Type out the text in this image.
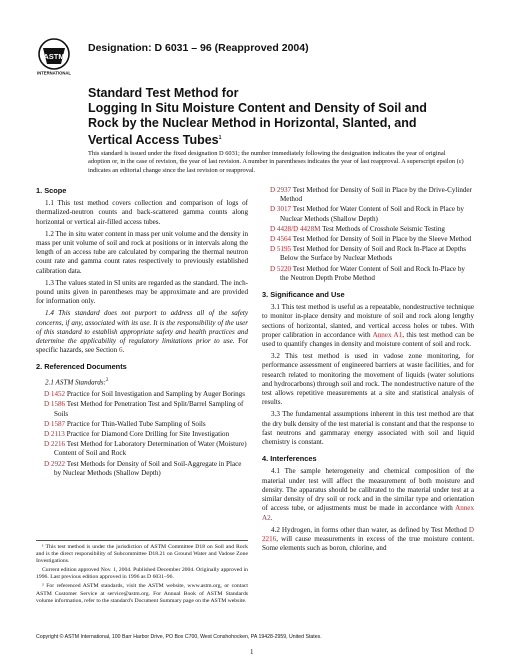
ASTM
INTERNATIONAL
Designation: D 6031 – 96 (Reapproved 2004)
Standard Test Method for
Logging In Situ Moisture Content and Density of Soil and Rock by the Nuclear Method in Horizontal, Slanted, and Vertical Access Tubes$^1$
This standard is issued under the fixed designation D 6031; the number immediately following the designation indicates the year of original adoption or, in the case of revision, the year of last revision. A number in parentheses indicates the year of last reapproval. A superscript epsilon (ε) indicates an editorial change since the last revision or reapproval.
1. Scope

1.1 This test method covers collection and comparison of logs of thermalized-neutron counts and back-scattered gamma counts along horizontal or vertical air-filled access tubes.

1.2 The in situ water content in mass per unit volume and the density in mass per unit volume of soil and rock at positions or in intervals along the length of an access tube are calculated by comparing the thermal neutron count rate and gamma count rates respectively to previously established calibration data.

1.3 The values stated in SI units are regarded as the standard. The inch-pound units given in parentheses may be approximate and are provided for information only.

1.4 This standard does not purport to address all of the safety concerns, if any, associated with its use. It is the responsibility of the user of this standard to establish appropriate safety and health practices and determine the applicability of regulatory limitations prior to use. For specific hazards, see Section 6.

2. Referenced Documents

2.1 ASTM Standards:$^2$

D 1452 Practice for Soil Investigation and Sampling by Auger Borings
D 1586 Test Method for Penetration Test and Split/Barrel Sampling of Soils
D 1587 Practice for Thin-Walled Tube Sampling of Soils
D 2113 Practice for Diamond Core Drilling for Site Investigation
D 2216 Test Method for Laboratory Determination of Water (Moisture) Content of Soil and Rock
D 2922 Test Methods for Density of Soil and Soil-Aggregate in Place by Nuclear Methods (Shallow Depth)
D 2937 Test Method for Density of Soil in Place by the Drive-Cylinder Method
D 3017 Test Method for Water Content of Soil and Rock in Place by Nuclear Methods (Shallow Depth)
D 4428/D 4428M Test Methods of Crosshole Seismic Testing
D 4564 Test Method for Density of Soil in Place by the Sleeve Method
D 5195 Test Method for Density of Soil and Rock In-Place at Depths Below the Surface by Nuclear Methods
D 5220 Test Method for Water Content of Soil and Rock In-Place by the Neutron Depth Probe Method
3. Significance and Use

3.1 This test method is useful as a repeatable, nondestructive technique to monitor in-place density and moisture of soil and rock along lengthy sections of horizontal, slanted, and vertical access holes or tubes. With proper calibration in accordance with Annex A1, this test method can be used to quantify changes in density and moisture content of soil and rock.

3.2 This test method is used in vadose zone monitoring, for performance assessment of engineered barriers at waste facilities, and for research related to monitoring the movement of liquids (water solutions and hydrocarbons) through soil and rock. The nondestructive nature of the test allows repetitive measurements at a site and statistical analysis of results.

3.3 The fundamental assumptions inherent in this test method are that the dry bulk density of the test material is constant and that the response to fast neutrons and gammaray energy associated with soil and liquid chemistry is constant.

4. Interferences

4.1 The sample heterogeneity and chemical composition of the material under test will affect the measurement of both moisture and density. The apparatus should be calibrated to the material under test at a similar density of dry soil or rock and in the similar type and orientation of access tube, or adjustments must be made in accordance with Annex A2.

4.2 Hydrogen, in forms other than water, as defined by Test Method D 2216, will cause measurements in excess of the true moisture content. Some elements such as boron, chlorine, and

¹ This test method is under the jurisdiction of ASTM Committee D18 on Soil and Rock and is the direct responsibility of Subcommittee D18.21 on Ground Water and Vadose Zone Investigations.

Current edition approved Nov. 1, 2004. Published December 2004. Originally approved in 1996. Last previous edition approved in 1996 as D 6031–96.

² For referenced ASTM standards, visit the ASTM website, www.astm.org, or contact ASTM Customer Service at service@astm.org. For Annual Book of ASTM Standards volume information, refer to the standard's Document Summary page on the ASTM website.

Copyright © ASTM International, 100 Barr Harbor Drive, PO Box C700, West Conshohocken, PA 19428-2959, United States.
1
